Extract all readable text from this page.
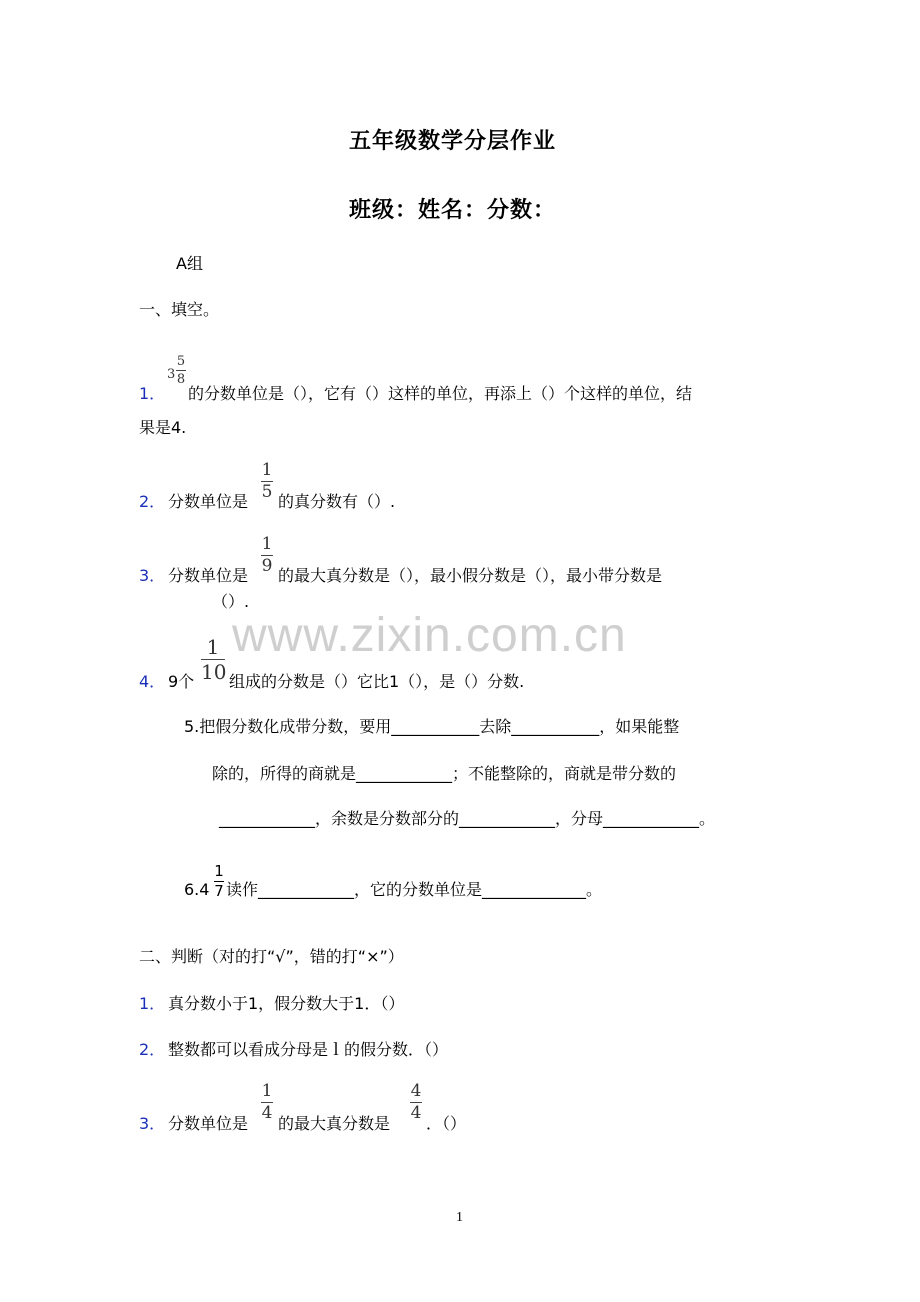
五年级数学分层作业
班级：姓名：分数：
A组
一、填空。
1．
3
5
8
的分数单位是（），它有（）这样的单位，再添上（）个这样的单位，结
果是4.
2． 分数单位是
1
5 的真分数有（）.
3． 分数单位是
1
9 的最大真分数是（），最小假分数是（），最小带分数是
（）.
www.zixin.com.cn
4． 9个
1
10 组成的分数是（）它比1（），是（）分数.
5.把假分数化成带分数，要用___________去除___________，如果能整
除的，所得的商就是____________；不能整除的，商就是带分数的
____________，余数是分数部分的____________，分母____________。
6.4
1
7 读作____________，它的分数单位是_____________。
二、判断（对的打“√”，错的打“×”）
1． 真分数小于1，假分数大于1．（）
2． 整数都可以看成分母是ｌ的假分数．（）
3． 分数单位是
1
4
的最大真分数是
4
4
．（）
1
